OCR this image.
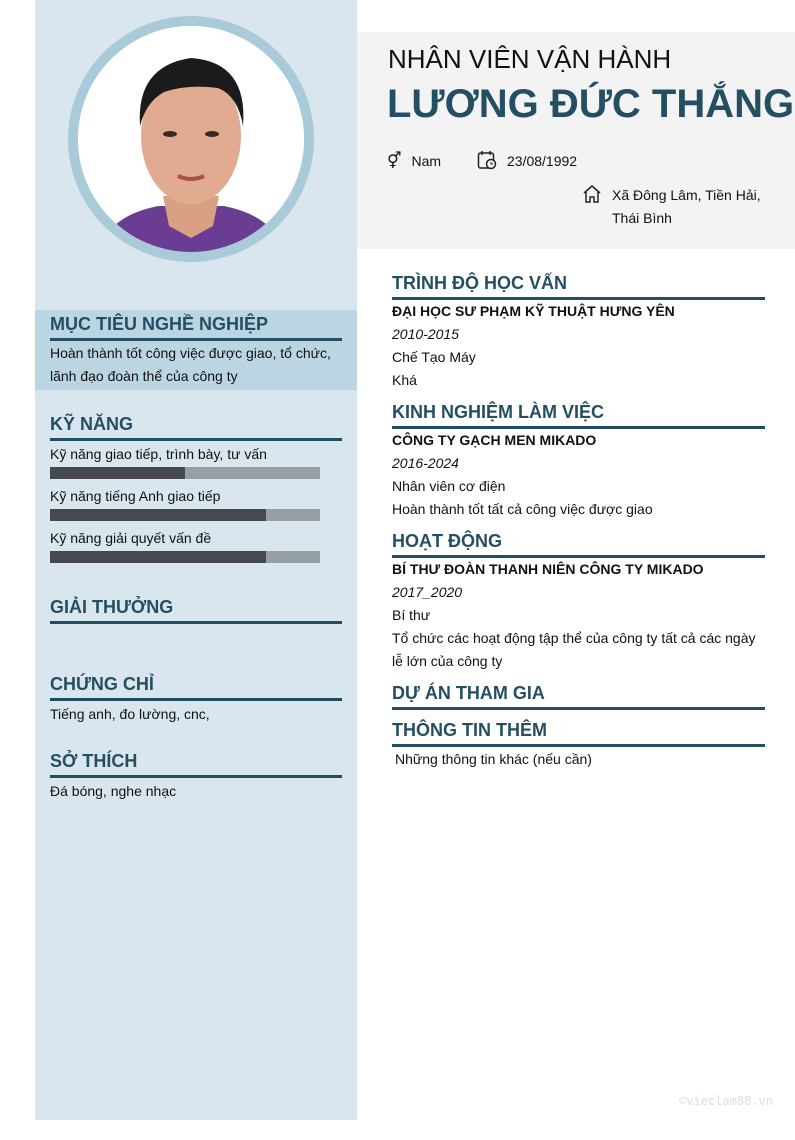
MỤC TIÊU NGHỀ NGHIỆP
Hoàn thành tốt công việc được giao, tổ chức,
lãnh đạo đoàn thể của công ty
KỸ NĂNG
Kỹ năng giao tiếp, trình bày, tư vấn
Kỹ năng tiếng Anh giao tiếp
Kỹ năng giải quyết vấn đề
GIẢI THƯỞNG
CHỨNG CHỈ
Tiếng anh, đo lường, cnc,
SỞ THÍCH
Đá bóng, nghe nhạc
NHÂN VIÊN VẬN HÀNH
LƯƠNG ĐỨC THẮNG
⚥ Nam	23/08/1992
Xã Đông Lâm, Tiền Hải,
Thái Bình
TRÌNH ĐỘ HỌC VẤN
ĐẠI HỌC SƯ PHẠM KỸ THUẬT HƯNG YÊN
2010-2015
Chế Tạo Máy
Khá
KINH NGHIỆM LÀM VIỆC
CÔNG TY GẠCH MEN MIKADO
2016-2024
Nhân viên cơ điện
Hoàn thành tốt tất cả công việc được giao
HOẠT ĐỘNG
BÍ THƯ ĐOÀN THANH NIÊN CÔNG TY MIKADO
2017_2020
Bí thư
Tổ chức các hoạt động tập thể của công ty tất cả các ngày
lễ lớn của công ty
DỰ ÁN THAM GIA
THÔNG TIN THÊM
Những thông tin khác (nếu cần)
©vieclam88.vn
